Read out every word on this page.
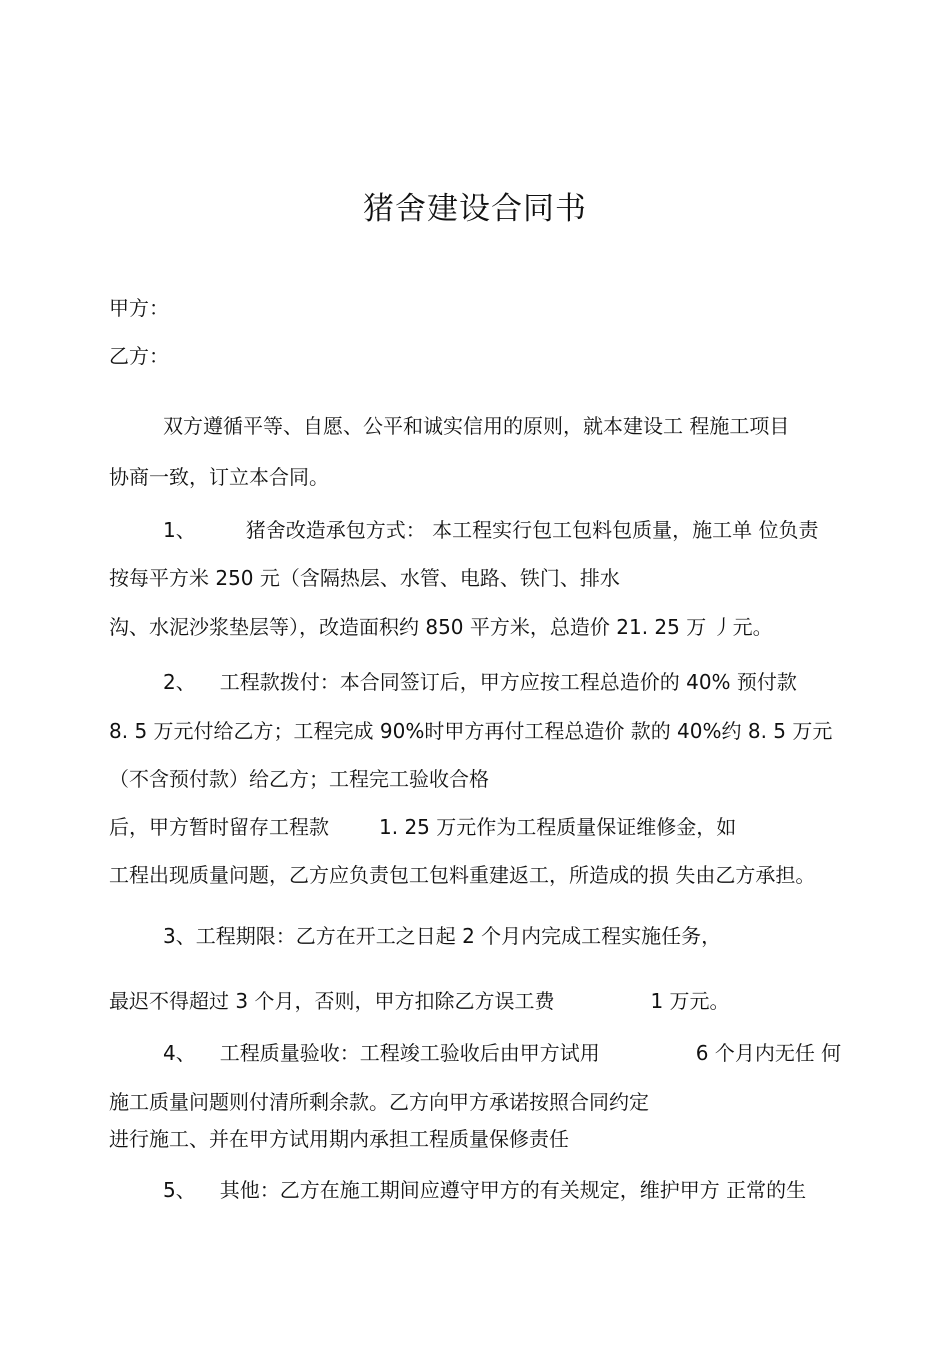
猪舍建设合同书
甲方：
乙方：
双方遵循平等、自愿、公平和诚实信用的原则，就本建设工 程施工项目
协商一致，订立本合同。
1、	猪舍改造承包方式： 本工程实行包工包料包质量，施工单 位负责
按每平方米 250 元（含隔热层、水管、电路、铁门、排水
沟、水泥沙浆垫层等），改造面积约 850 平方米，总造价 21. 25 万 丿元。
2、 工程款拨付：本合同签订后，甲方应按工程总造价的 40% 预付款
8. 5 万元付给乙方；工程完成 90%时甲方再付工程总造价 款的 40%约 8. 5 万元
（不含预付款）给乙方；工程完工验收合格
后，甲方暂时留存工程款	1. 25 万元作为工程质量保证维修金，如
工程出现质量问题，乙方应负责包工包料重建返工，所造成的损 失由乙方承担。
3、工程期限：乙方在开工之日起 2 个月内完成工程实施任务，
最迟不得超过 3 个月，否则，甲方扣除乙方误工费	1 万元。
4、 工程质量验收：工程竣工验收后由甲方试用	6 个月内无任 何
施工质量问题则付清所剩余款。乙方向甲方承诺按照合同约定
进行施工、并在甲方试用期内承担工程质量保修责任
5、 其他：乙方在施工期间应遵守甲方的有关规定，维护甲方 正常的生
